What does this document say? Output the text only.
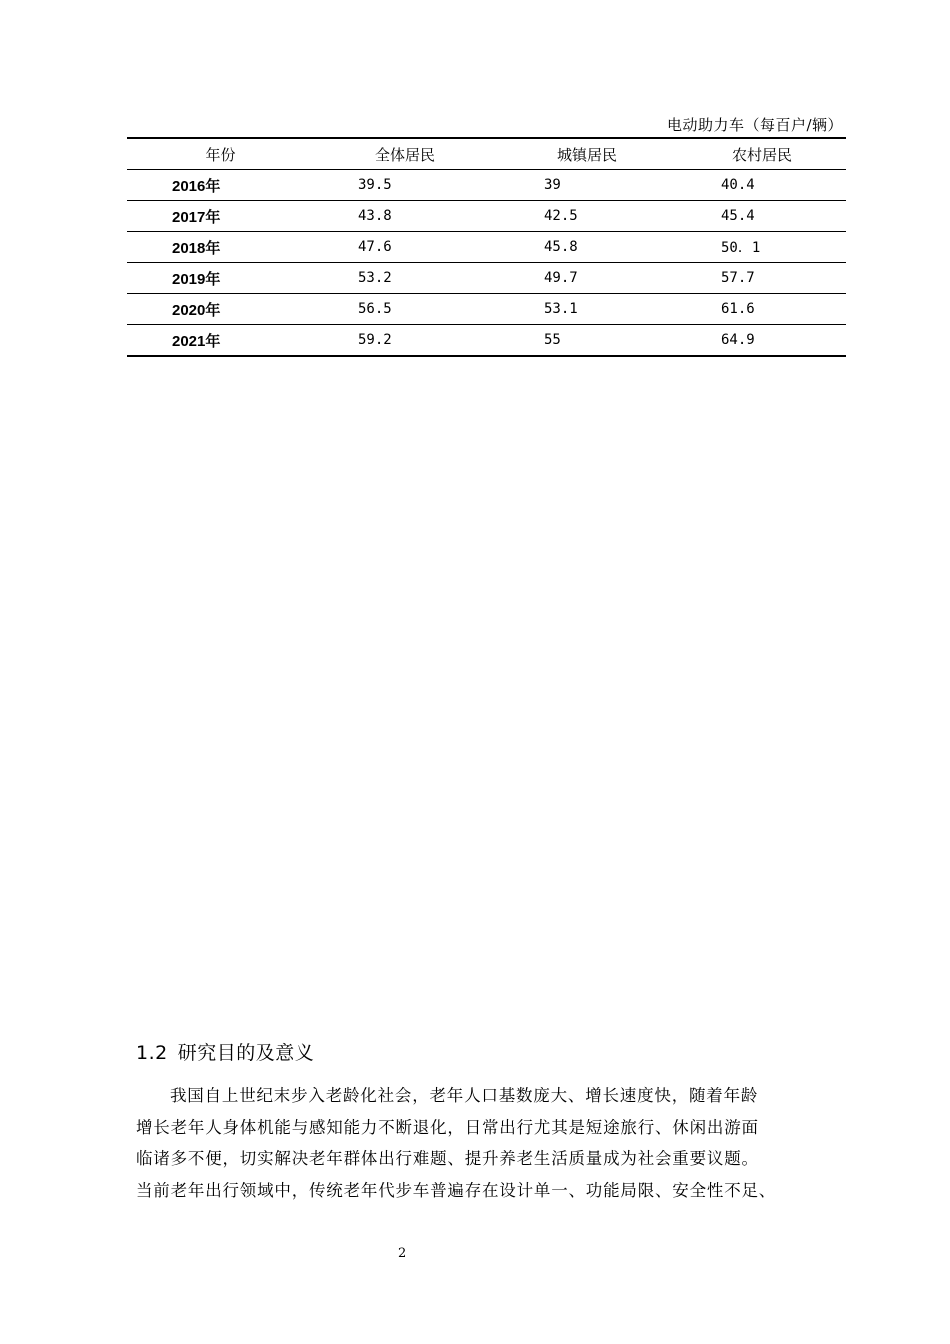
电动助力车（每百户/辆）
年份	全体居民	城镇居民	农村居民
2016年	39.5	39	40.4
2017年	43.8	42.5	45.4
2018年	47.6	45.8	50．1
2019年	53.2	49.7	57.7
2020年	56.5	53.1	61.6
2021年	59.2	55	64.9
1.2 研究目的及意义

我国自上世纪末步入老龄化社会，老年人口基数庞大、增长速度快，随着年龄
增长老年人身体机能与感知能力不断退化，日常出行尤其是短途旅行、休闲出游面
临诸多不便，切实解决老年群体出行难题、提升养老生活质量成为社会重要议题。
当前老年出行领域中，传统老年代步车普遍存在设计单一、功能局限、安全性不足、

2
